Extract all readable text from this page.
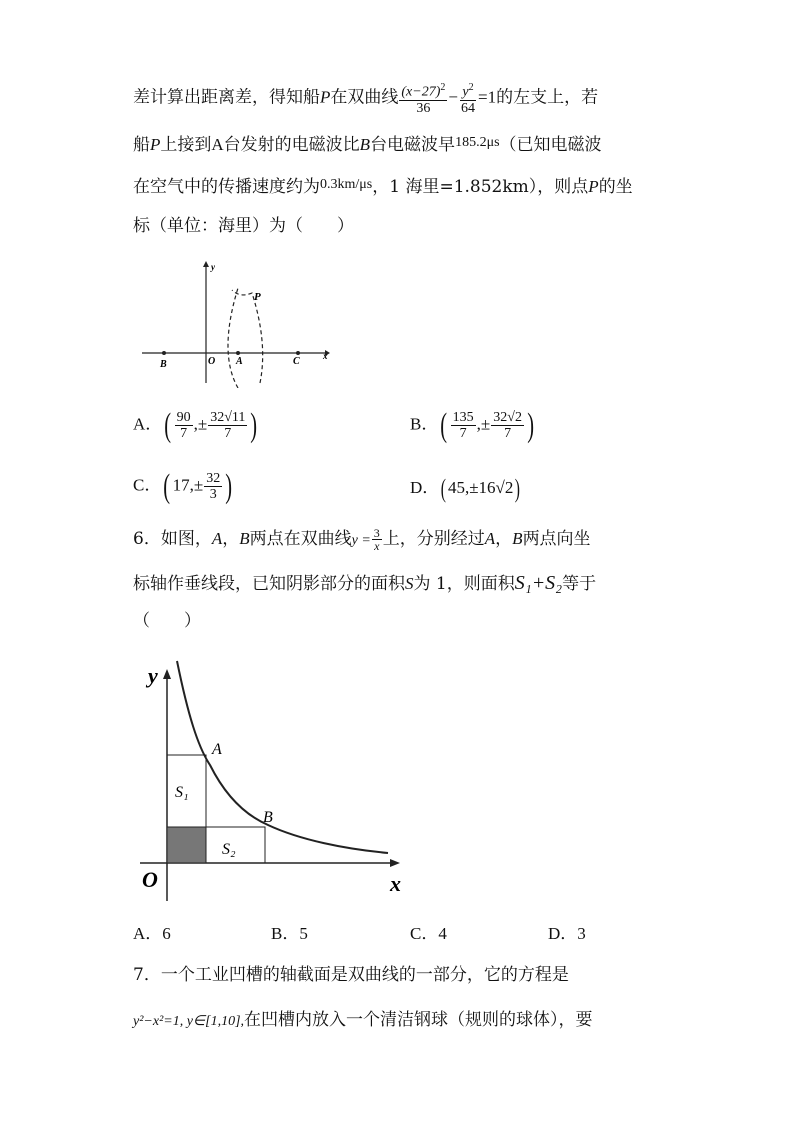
差计算出距离差，得知船P在双曲线 $\frac{(x-27)^2}{36} - \frac{y^2}{64} =1$的左支上，若
船P上接到A台发射的电磁波比B台电磁波早$^{185.2\mu s}$（已知电磁波
在空气中的传播速度约为$^{0.3km/\mu s}$，1 海里=1.852km），则点P的坐
标（单位：海里）为（　　）
y
P
B	O A	C	x
A．( $\frac{90}{7}$ ,± $\frac{32√11}{7}$ )	B．( $\frac{135}{7}$ ,± $\frac{32√2}{7}$ )
C．( $17,\pm \frac{32}{3}$ )	D．( 45,±16√2)
6．如图，A，B两点在双曲线$y = \frac{3}{x}$ 上，分别经过A，B两点向坐
标轴作垂线段，已知阴影部分的面积S为 1，则面积S₁+S₂等于
（　　）
y
O	x
A
B
S₁
S₂
A．6	B．5	C．4	D．3
7．一个工业凹槽的轴截面是双曲线的一部分，它的方程是
y²−x²=1, y∈[1,10],在凹槽内放入一个清洁钢球（规则的球体），要
